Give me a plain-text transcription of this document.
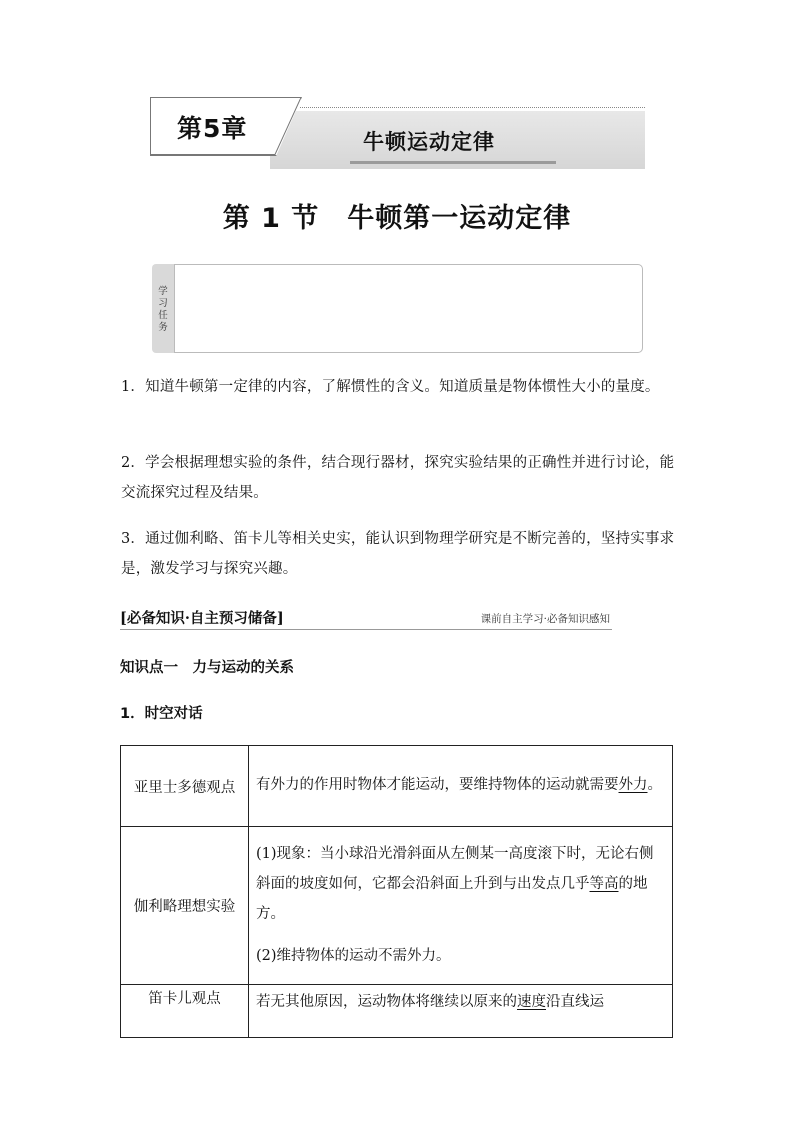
第5章	牛顿运动定律
第 1 节　牛顿第一运动定律
学习任务
1．知道牛顿第一定律的内容，了解惯性的含义。知道质量是物体惯性大小的量度。
2．学会根据理想实验的条件，结合现行器材，探究实验结果的正确性并进行讨论，能交流探究过程及结果。
3．通过伽利略、笛卡儿等相关史实，能认识到物理学研究是不断完善的，坚持实事求是，激发学习与探究兴趣。
[必备知识·自主预习储备]	课前自主学习·必备知识感知
知识点一　力与运动的关系
1．时空对话
亚里士多德观点	有外力的作用时物体才能运动，要维持物体的运动就需要外力。
伽利略理想实验	(1)现象：当小球沿光滑斜面从左侧某一高度滚下时，无论右侧斜面的坡度如何，它都会沿斜面上升到与出发点几乎等高的地方。
(2)维持物体的运动不需外力。
笛卡儿观点	若无其他原因，运动物体将继续以原来的速度沿直线运
